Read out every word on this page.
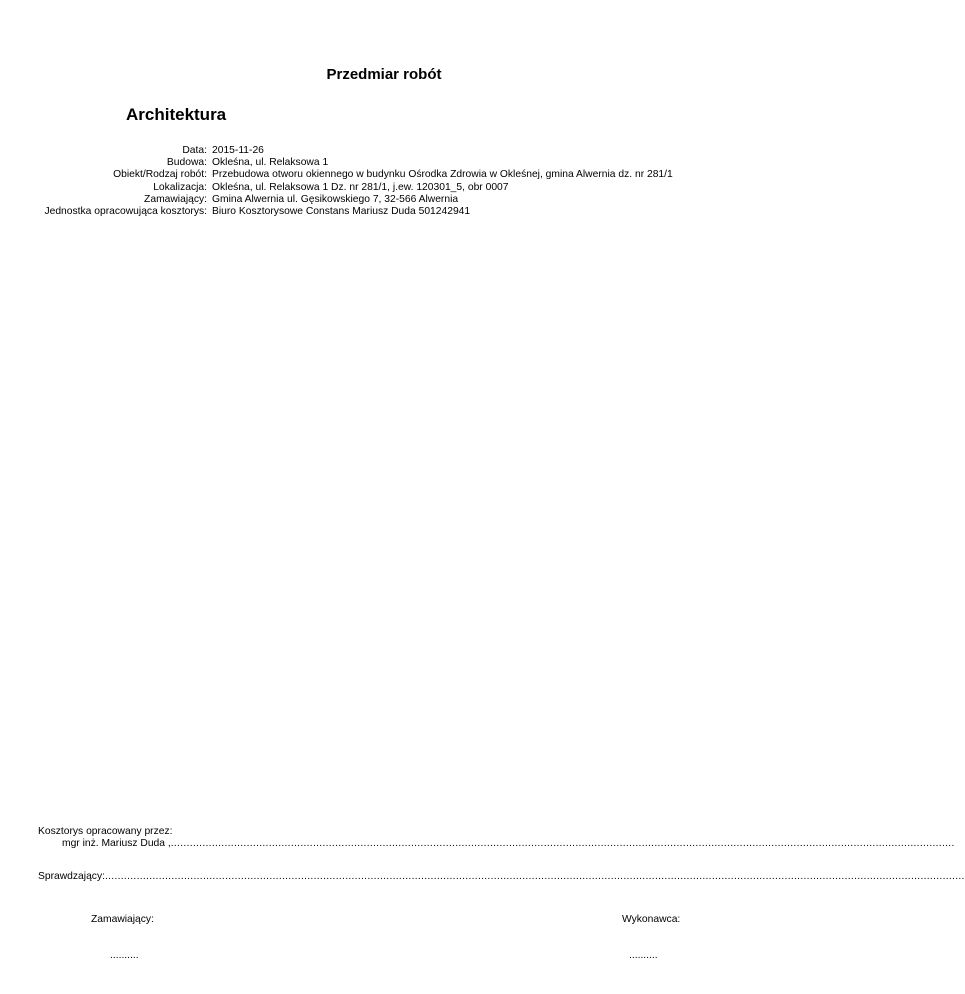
Przedmiar robót
Architektura
Data: 2015-11-26
Budowa: Okleśna, ul. Relaksowa 1
Obiekt/Rodzaj robót: Przebudowa otworu okiennego w budynku Ośrodka Zdrowia w Okleśnej, gmina Alwernia dz. nr 281/1
Lokalizacja: Okleśna, ul. Relaksowa 1 Dz. nr 281/1, j.ew. 120301_5, obr 0007
Zamawiający: Gmina Alwernia ul. Gęsikowskiego 7, 32-566 Alwernia
Jednostka opracowująca kosztorys: Biuro Kosztorysowe Constans Mariusz Duda 501242941
Kosztorys opracowany przez:
mgr inż. Mariusz Duda , ........................................................................................................................................................................................................................................................
Sprawdzający: ................................................................................................................................................................................................................................................................................
Zamawiający:	Wykonawca:
..........	..........
